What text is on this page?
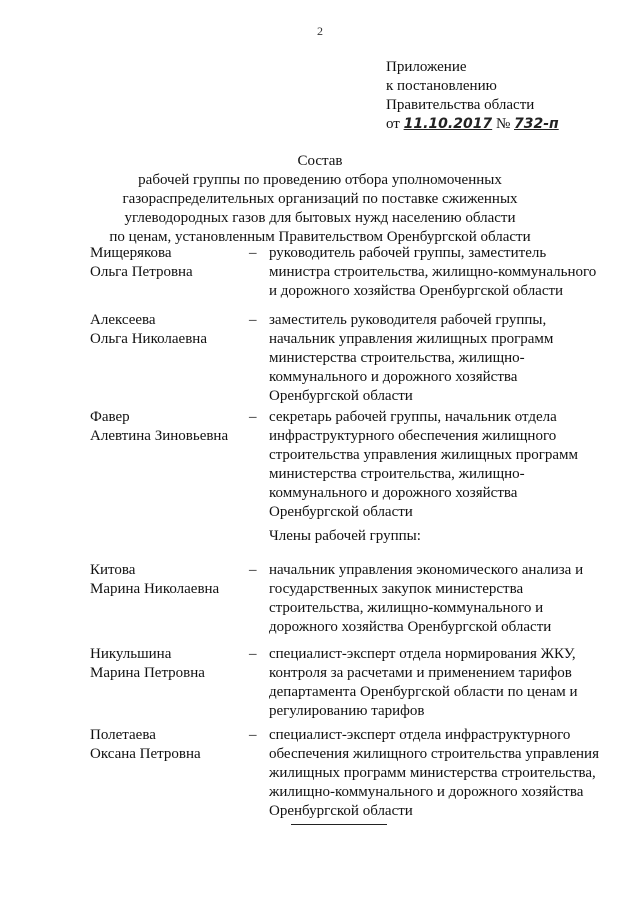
2
Приложение
к постановлению
Правительства области
от 11.10.2017 № 732-п
Состав
рабочей группы по проведению отбора уполномоченных
газораспределительных организаций по поставке сжиженных
углеводородных газов для бытовых нужд населению области
по ценам, установленным Правительством Оренбургской области
Мищерякова
Ольга Петровна
– руководитель рабочей группы, заместитель
министра строительства, жилищно-коммунального
и дорожного хозяйства Оренбургской области
Алексеева
Ольга Николаевна
– заместитель руководителя рабочей группы,
начальник управления жилищных программ
министерства строительства, жилищно-
коммунального и дорожного хозяйства
Оренбургской области
Фавер
Алевтина Зиновьевна
– секретарь рабочей группы, начальник отдела
инфраструктурного обеспечения жилищного
строительства управления жилищных программ
министерства строительства, жилищно-
коммунального и дорожного хозяйства
Оренбургской области
Члены рабочей группы:
Китова
Марина Николаевна
– начальник управления экономического анализа и
государственных закупок министерства
строительства, жилищно-коммунального и
дорожного хозяйства Оренбургской области
Никульшина
Марина Петровна
– специалист-эксперт отдела нормирования ЖКУ,
контроля за расчетами и применением тарифов
департамента Оренбургской области по ценам и
регулированию тарифов
Полетаева
Оксана Петровна
– специалист-эксперт отдела инфраструктурного
обеспечения жилищного строительства управления
жилищных программ министерства строительства,
жилищно-коммунального и дорожного хозяйства
Оренбургской области
